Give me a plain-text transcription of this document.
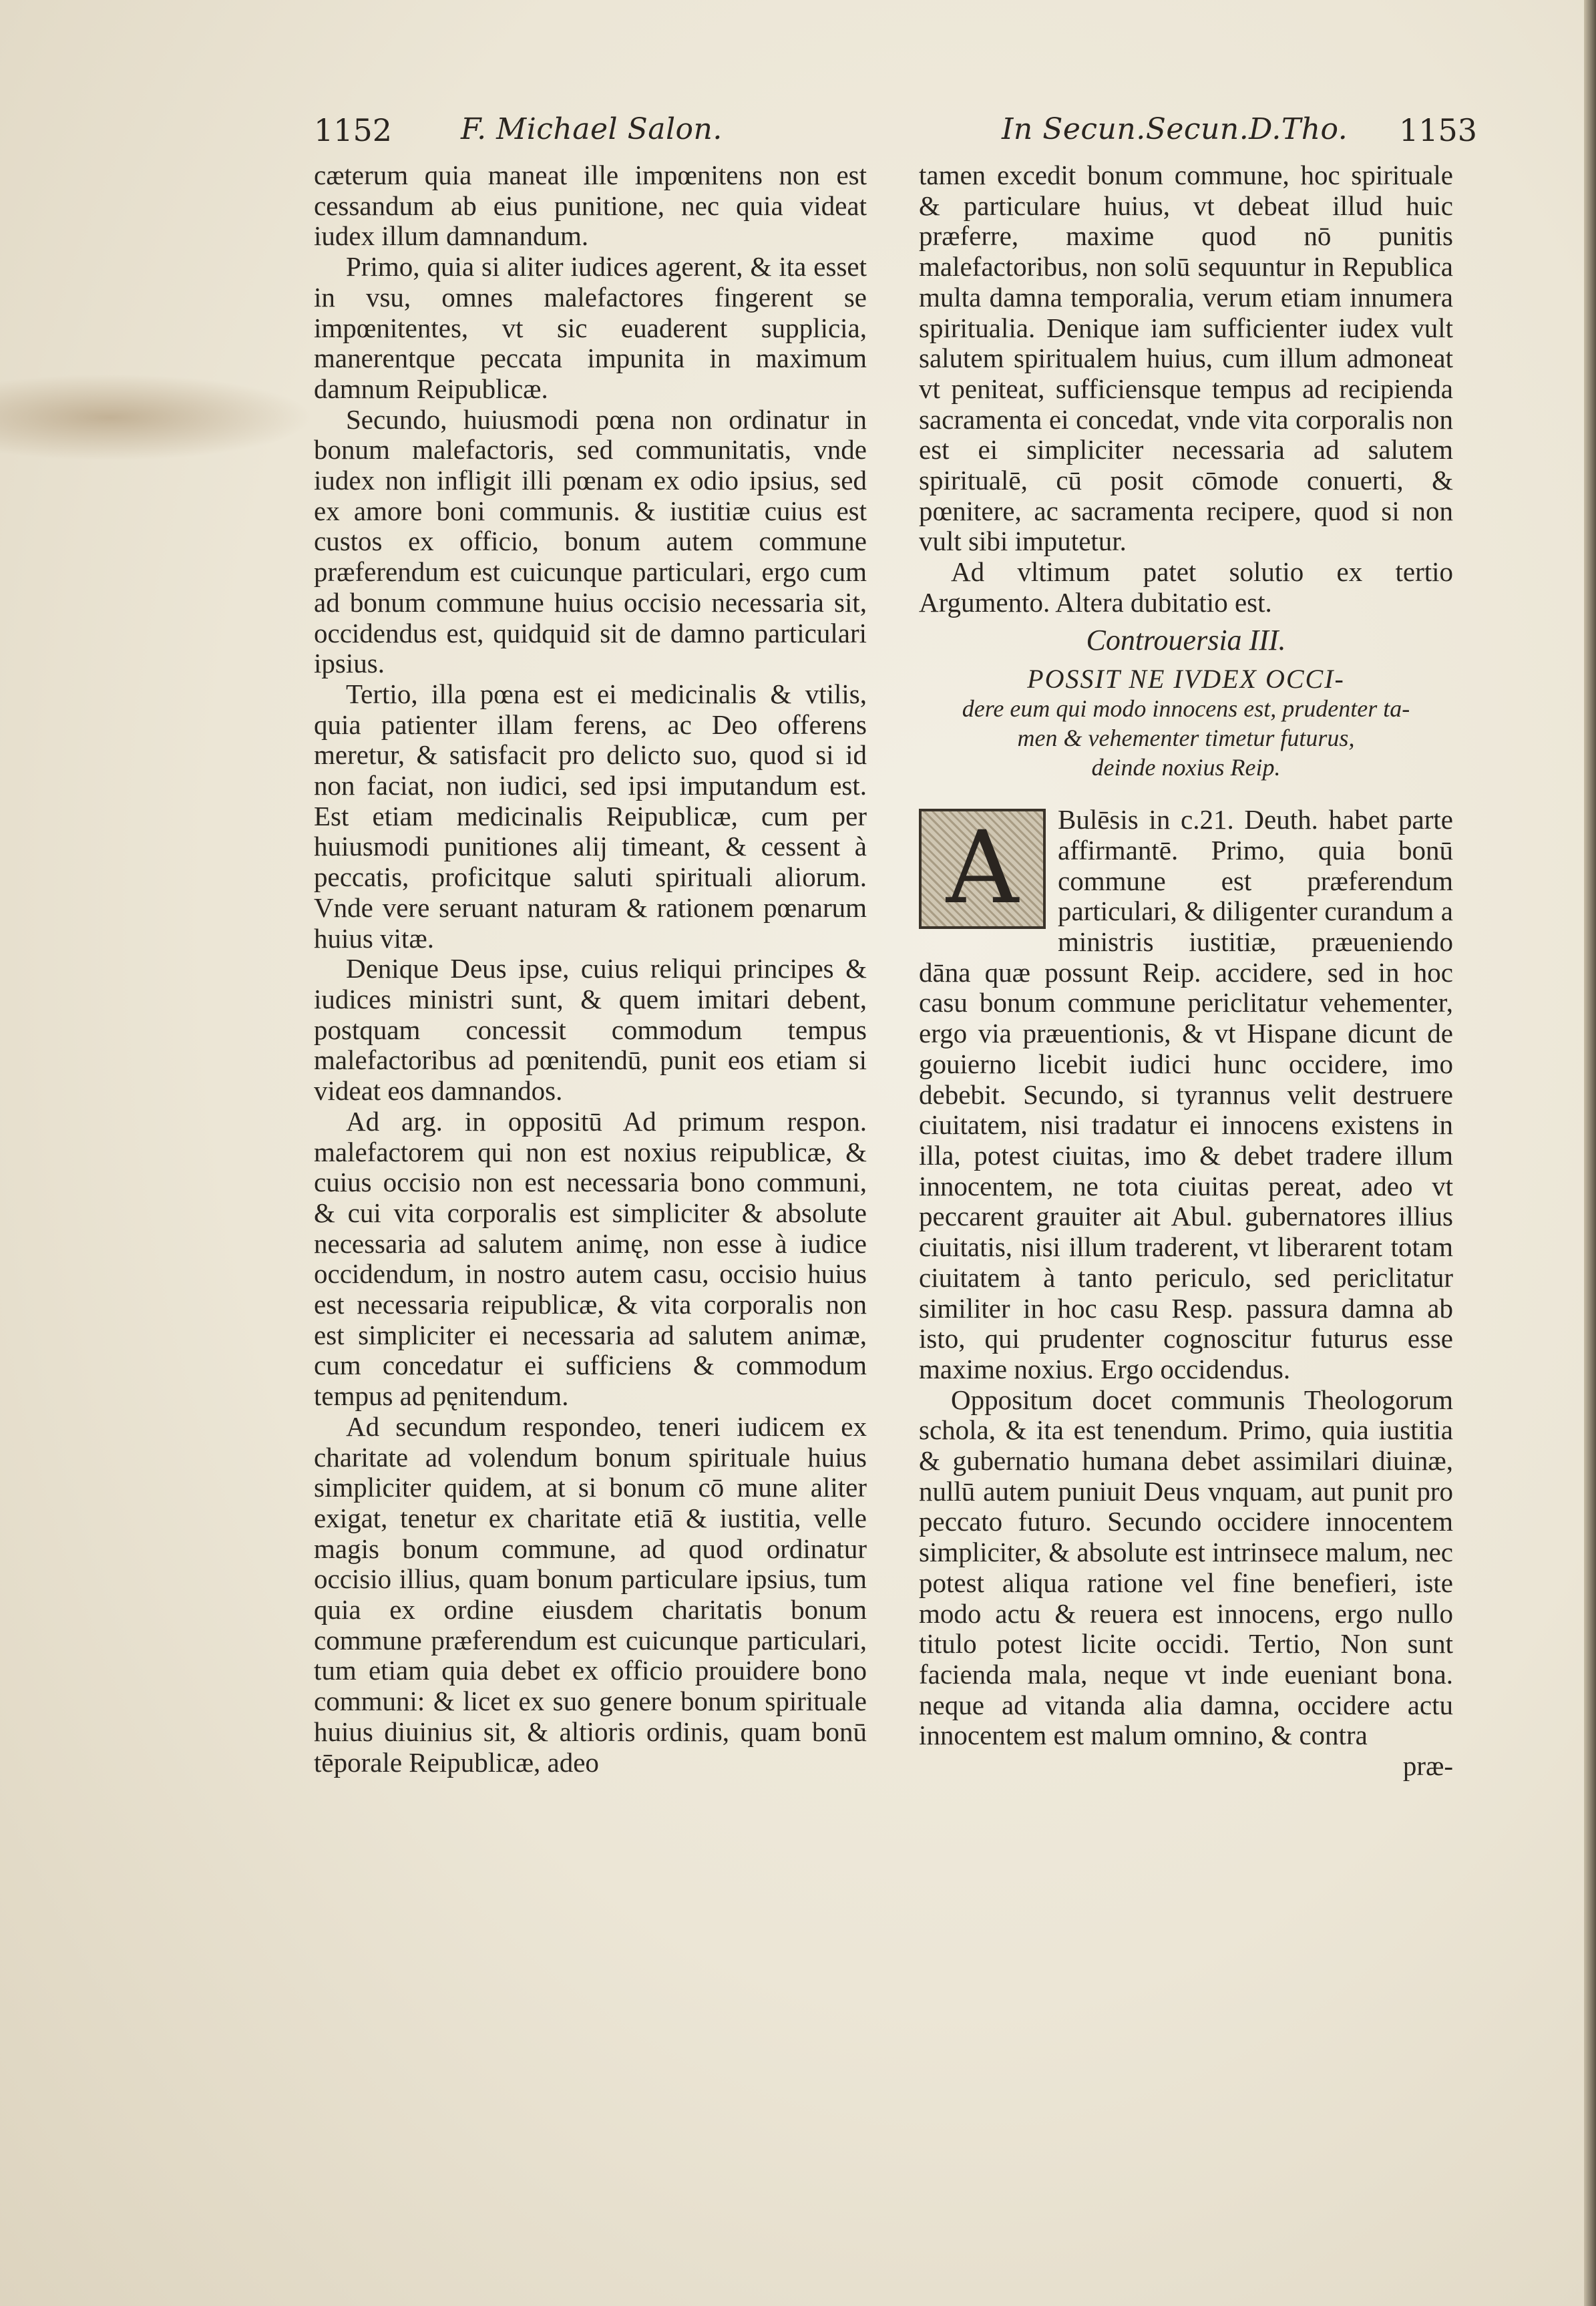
1152 F. Michael Salon.	In Secun.Secun.D.Tho. 1153

cæterum quia maneat ille impœnitens non est cessandum ab eius punitione, nec quia videat iudex illum damnandum.

Primo, quia si aliter iudices agerent, & ita esset in vsu, omnes malefactores fingerent se impœnitentes, vt sic euaderent supplicia, manerentque peccata impunita in maximum damnum Reipublicæ.

Secundo, huiusmodi pœna non ordinatur in bonum malefactoris, sed communitatis, vnde iudex non infligit illi pœnam ex odio ipsius, sed ex amore boni communis. & iustitiæ cuius est custos ex officio, bonum autem commune præferendum est cuicunque particulari, ergo cum ad bonum commune huius occisio necessaria sit, occidendus est, quidquid sit de damno particulari ipsius.

Tertio, illa pœna est ei medicinalis & vtilis, quia patienter illam ferens, ac Deo offerens meretur, & satisfacit pro delicto suo, quod si id non faciat, non iudici, sed ipsi imputandum est. Est etiam medicinalis Reipublicæ, cum per huiusmodi punitiones alij timeant, & cessent à peccatis, proficitque saluti spirituali aliorum. Vnde vere seruant naturam & rationem pœnarum huius vitæ.

Denique Deus ipse, cuius reliqui principes & iudices ministri sunt, & quem imitari debent, postquam concessit commodum tempus malefactoribus ad pœnitendū, punit eos etiam si videat eos damnandos.

Ad arg. in oppositū Ad primum respon. malefactorem qui non est noxius reipublicæ, & cuius occisio non est necessaria bono communi, & cui vita corporalis est simpliciter & absolute necessaria ad salutem animę, non esse à iudice occidendum, in nostro autem casu, occisio huius est necessaria reipublicæ, & vita corporalis non est simpliciter ei necessaria ad salutem animæ, cum concedatur ei sufficiens & commodum tempus ad pęnitendum.

Ad secundum respondeo, teneri iudicem ex charitate ad volendum bonum spirituale huius simpliciter quidem, at si bonum cō mune aliter exigat, tenetur ex charitate etiā & iustitia, velle magis bonum commune, ad quod ordinatur occisio illius, quam bonum particulare ipsius, tum quia ex ordine eiusdem charitatis bonum commune præferendum est cuicunque particulari, tum etiam quia debet ex officio prouidere bono communi: & licet ex suo genere bonum spirituale huius diuinius sit, & altioris ordinis, quam bonū tēporale Reipublicæ, adeo

tamen excedit bonum commune, hoc spirituale & particulare huius, vt debeat illud huic præferre, maxime quod nō punitis malefactoribus, non solū sequuntur in Republica multa damna temporalia, verum etiam innumera spiritualia. Denique iam sufficienter iudex vult salutem spiritualem huius, cum illum admoneat vt peniteat, sufficiensque tempus ad recipienda sacramenta ei concedat, vnde vita corporalis non est ei simpliciter necessaria ad salutem spiritualē, cū posit cōmode conuerti, & pœnitere, ac sacramenta recipere, quod si non vult sibi imputetur.

Ad vltimum patet solutio ex tertio Argumento. Altera dubitatio est.

Controuersia III.
POSSIT NE IVDEX OCCI-
dere eum qui modo innocens est, prudenter ta-
men & vehementer timetur futurus,
deinde noxius Reip.
A	Bulēsis in c.21. Deuth. habet parte affirmantē. Primo, quia bonū commune est præferendum particulari, & diligenter curandum a ministris iustitiæ, præueniendo dāna quæ possunt Reip. accidere, sed in hoc casu bonum commune periclitatur vehementer, ergo via præuentionis, & vt Hispane dicunt de gouierno licebit iudici hunc occidere, imo debebit. Secundo, si tyrannus velit destruere ciuitatem, nisi tradatur ei innocens existens in illa, potest ciuitas, imo & debet tradere illum innocentem, ne tota ciuitas pereat, adeo vt peccarent grauiter ait Abul. gubernatores illius ciuitatis, nisi illum traderent, vt liberarent totam ciuitatem à tanto periculo, sed periclitatur similiter in hoc casu Resp. passura damna ab isto, qui prudenter cognoscitur futurus esse maxime noxius. Ergo occidendus.

Oppositum docet communis Theologorum schola, & ita est tenendum. Primo, quia iustitia & gubernatio humana debet assimilari diuinæ, nullū autem puniuit Deus vnquam, aut punit pro peccato futuro. Secundo occidere innocentem simpliciter, & absolute est intrinsece malum, nec potest aliqua ratione vel fine benefieri, iste modo actu & reuera est innocens, ergo nullo titulo potest licite occidi. Tertio, Non sunt facienda mala, neque vt inde eueniant bona. neque ad vitanda alia damna, occidere actu innocentem est malum omnino, & contra

præ-
